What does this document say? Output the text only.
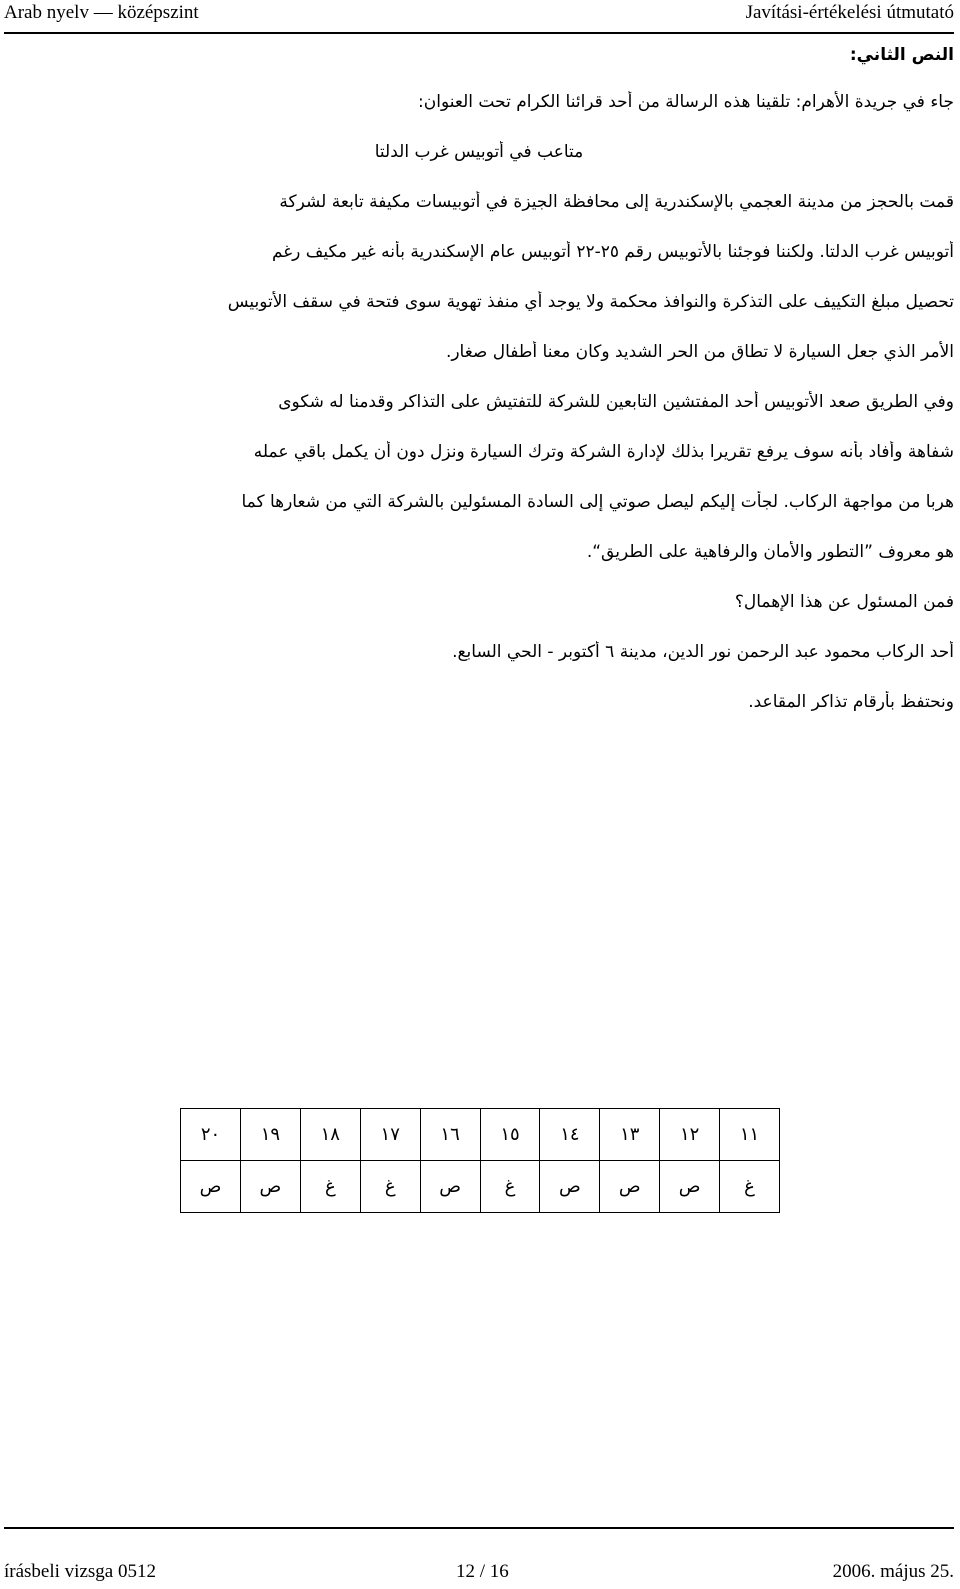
Arab nyelv — középszint	Javítási-értékelési útmutató
النص الثاني:
جاء في جريدة الأهرام: تلقينا هذه الرسالة من أحد قرائنا الكرام تحت العنوان:
متاعب في أتوبيس غرب الدلتا
قمت بالحجز من مدينة العجمي بالإسكندرية إلى محافظة الجيزة في أتوبيسات مكيفة تابعة لشركة
أتوبيس غرب الدلتا. ولكننا فوجئنا بالأتوبيس رقم ٢٥-٢٢ أتوبيس عام الإسكندرية بأنه غير مكيف رغم
تحصيل مبلغ التكييف على التذكرة والنوافذ محكمة ولا يوجد أي منفذ تهوية سوى فتحة في سقف الأتوبيس
الأمر الذي جعل السيارة لا تطاق من الحر الشديد وكان معنا أطفال صغار.
وفي الطريق صعد الأتوبيس أحد المفتشين التابعين للشركة للتفتيش على التذاكر وقدمنا له شكوى
شفاهة وأفاد بأنه سوف يرفع تقريرا بذلك لإدارة الشركة وترك السيارة ونزل دون أن يكمل باقي عمله
هربا من مواجهة الركاب. لجأت إليكم ليصل صوتي إلى السادة المسئولين بالشركة التي من شعارها كما
هو معروف ”التطور والأمان والرفاهية على الطريق“.
فمن المسئول عن هذا الإهمال؟
أحد الركاب محمود عبد الرحمن نور الدين، مدينة ٦ أكتوبر - الحي السابع.
ونحتفظ بأرقام تذاكر المقاعد.
١١	١٢	١٣	١٤	١٥	١٦	١٧	١٨	١٩	٢٠
غ	ص	ص	ص	غ	ص	غ	غ	ص	ص
írásbeli vizsga 0512	12 / 16	2006. május 25.
